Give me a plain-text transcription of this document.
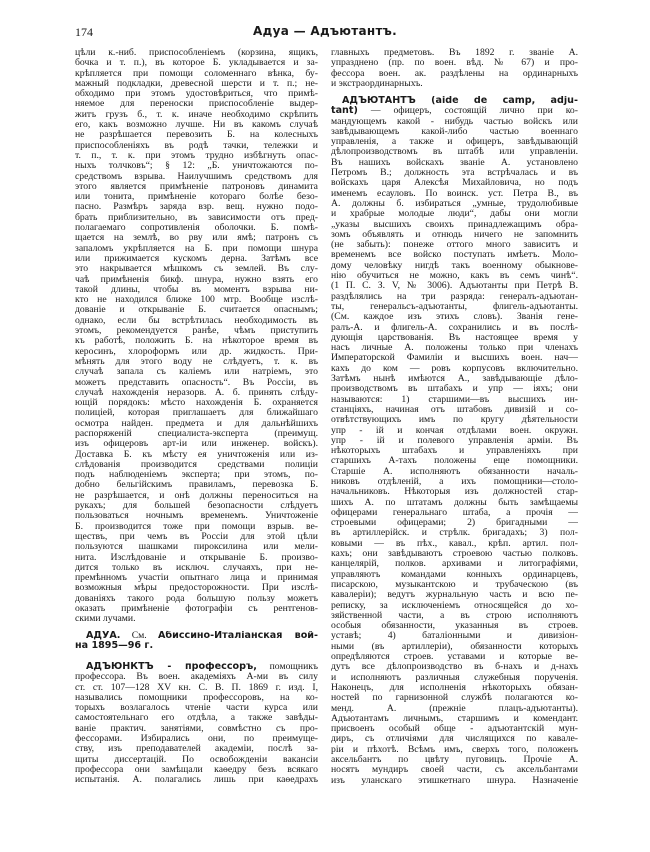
174	Адуа — Адъютантъ.
цѣли к.-ниб. приспособленіемъ (корзина, ящикъ,
бочка и т. п.), въ которое Б. укладывается и за-
крѣпляется при помощи соломеннаго вѣнка, бу-
мажный подкладки, древесной шерсти и т. п.; не-
обходимо при этомъ удостовѣриться, что примѣ-
няемое для переноски приспособленіе выдер-
житъ грузъ б., т. к. иначе необходимо скрѣпить
его, какъ возможно лучше. Ни въ какомъ случаѣ
не разрѣшается перевозить Б. на колесныхъ
приспособленіяхъ въ родѣ тачки, тележки и
т. п., т. к. при этомъ трудно избѣгнуть опас-
ныхъ толчковъ“; § 12: „Б. уничтожаются по-
средствомъ взрыва. Наилучшимъ средствомъ для
этого является примѣненіе патроновъ динамита
или тонита, примѣненіе котораго болѣе безо-
пасно. Размѣръ заряда взр. вещ. нужно подо-
брать приблизительно, въ зависимости отъ пред-
полагаемаго сопротивленія оболочки. Б. помѣ-
щается на землѣ, во рву или ямѣ; патронъ съ
запаломъ укрѣпляется на Б. при помощи шнура
или прижимается кускомъ дерна. Затѣмъ все
это накрывается мѣшкомъ съ землей. Въ слу-
чаѣ примѣненія бикф. шнура, нужно взять его
такой длины, чтобы въ моментъ взрыва ни-
кто не находился ближе 100 мтр. Вообще изслѣ-
дованіе и открываніе Б. считается опаснымъ;
однако, если бы встрѣтилась необходимость въ
этомъ, рекомендуется ранѣе, чѣмъ приступить
къ работѣ, положить Б. на нѣкоторое время въ
керосинъ, хлороформъ или др. жидкость. При-
мѣнять для этого воду не слѣдуетъ, т. к. въ
случаѣ запала съ каліемъ или натріемъ, это
можетъ представить опасность“. Въ Россіи, въ
случаѣ нахожденія неразорв. А. б. принять слѣду-
ющій порядокъ: мѣсто нахожденія Б. охраняется
полиціей, которая приглашаетъ для ближайшаго
осмотра найден. предмета и для дальнѣйшихъ
распоряженій специалиста-эксперта (преимущ.
изъ офицеровъ арт-іи или инженер. войскъ).
Доставка Б. къ мѣсту ея уничтоженія или из-
слѣдованія производится средствами полиціи
подъ наблюденіемъ эксперта; при этомъ, по-
добно бельгійскимъ правиламъ, перевозка Б.
не разрѣшается, и онѣ должны переноситься на
рукахъ; для большей безопасности слѣдуетъ
пользоваться ночнымъ временемъ. Уничтоженіе
Б. производится тоже при помощи взрыв. ве-
ществъ, при чемъ въ Россіи для этой цѣли
пользуются шашками пироксилина или мели-
нита. Изслѣдованіе и открываніе Б. произво-
дится только въ исключ. случаяхъ, при не-
премѣнномъ участіи опытнаго лица и принимая
возможныя мѣры предосторожности. При изслѣ-
дованіяхъ такого рода большую пользу можетъ
оказать примѣненіе фотографіи съ рентгенов-
скими лучами.
АДУА. См. Абиссино-Италіанская вой-
на 1895—96 г.
АДЪЮНКТЪ - профессоръ, помощникъ
профессора. Въ воен. академіяхъ А-ми въ силу
ст. ст. 107—128 XV кн. С. В. П. 1869 г. изд. I,
назывались помощники профессоровъ, на ко-
торыхъ возлагалось чтеніе части курса или
самостоятельнаго его отдѣла, а также завѣды-
ваніе практич. занятіями, совмѣстно съ про-
фессорами. Избирались они, по преимуще-
ству, изъ преподавателей академіи, послѣ за-
щиты диссертацій. По освобожденіи вакансіи
профессора они замѣщали каѳедру безъ всякаго
испытанія. А. полагались лишь при каѳедрахъ
главныхъ предметовъ. Въ 1892 г. званіе А.
упразднено (пр. по воен. вѣд. № 67) и про-
фессора воен. ак. раздѣлены на ординарныхъ
и экстраординарныхъ.
АДЪЮТАНТЪ (aide de camp, adju-
tant) — офицеръ, состоящій лично при ко-
мандующемъ какой - нибудь частью войскъ или
завѣдывающемъ какой-либо частью военнаго
управленія, а также и офицеръ, завѣдывающій
дѣлопроизводствомъ въ штабѣ или управленіи.
Въ нашихъ войскахъ званіе А. установлено
Петромъ В.; должность эта встрѣчалась и въ
войскахъ царя Алексѣя Михайловича, но подъ
именемъ есауловъ. По воинск. уст. Петра В., въ
А. должны б. избираться „умные, трудолюбивые
и храбрые молодые люди“, дабы они могли
„указы высшихъ своихъ принадлежащимъ обра-
зомъ объявлять и отнюдь ничего не запомнить
(не забыть): понеже оттого много зависитъ и
временемъ все войско поступать имѣетъ. Моло-
дому человѣку нигдѣ такъ военному обыкнове-
нію обучиться не можно, какъ въ семъ чинѣ“.
(1 П. С. З. V, № 3006). Адъютанты при Петрѣ В.
раздѣлялись на три разряда: генералъ-адъютан-
ты, генеральсъ-адъютанты, флигель-адъютанты.
(См. каждое изъ этихъ словъ). Званія гене-
ралъ-А. и флигель-А. сохранились и въ послѣ-
дующія царствованія. Въ настоящее время у
насъ личные А. положены только при членахъ
Императорской Фамиліи и высшихъ воен. нач—
кахъ до ком — ровъ корпусовъ включительно.
Затѣмъ нынѣ имѣются А., завѣдывающіе дѣло-
производствомъ въ штабахъ и упр — іяхъ; они
называются: 1) старшими—въ высшихъ ин-
станціяхъ, начиная отъ штабовъ дивизій и со-
отвѣтствующихъ имъ по кругу дѣятельности
упр - ій и кончая отдѣлами воен. окружн.
упр - ій и полевого управленія арміи. Въ
нѣкоторыхъ штабахъ и управленіяхъ при
старшихъ А-тахъ положены еще помощники.
Старшіе А. исполняютъ обязанности началь-
никовъ отдѣленій, а ихъ помощники—столо-
начальниковъ. Нѣкоторыя изъ должностей стар-
шихъ А. по штатамъ должны быть замѣщаемы
офицерами генеральнаго штаба, а прочія —
строевыми офицерами; 2) бригадными —
въ артиллерійск. и стрѣлк. бригадахъ; 3) пол-
ковыми — въ пѣх., кавал., крѣп. артил. пол-
кахъ; они завѣдываютъ строевою частью полковъ.
канцелярій, полков. архивами и литографіями,
управляютъ командами конныхъ ординарцевъ,
писарскою, музыкантскою и трубаческою (въ
кавалеріи); ведутъ журнальную часть и всю пе-
реписку, за исключеніемъ относящейся до хо-
зяйственной части, а въ строю исполняютъ
особыя обязанности, указанныя въ строев.
уставѣ; 4) баталіонными и дивизіон-
ными (въ артиллеріи), обязанности которыхъ
опредѣляются строев. уставами и которые ве-
дутъ все дѣлопроизводство въ б-нахъ и д-нахъ
и исполняютъ различныя служебныя порученія.
Наконецъ, для исполненія нѣкоторыхъ обязан-
ностей по гарнизонной службѣ полагаются ко-
менд. А. (прежніе плацъ-адъютанты).
Адъютантамъ личнымъ, старшимъ и комендант.
присвоенъ особый обще - адъютантскій мун-
диръ, съ отличіями для числящихся по кавале-
ріи и пѣхотѣ. Всѣмъ имъ, сверхъ того, положенъ
аксельбантъ по цвѣту пуговицъ. Прочіе А.
носятъ мундиръ своей части, съ аксельбантами
изъ уланскаго этишкетнаго шнура. Назначеніе
